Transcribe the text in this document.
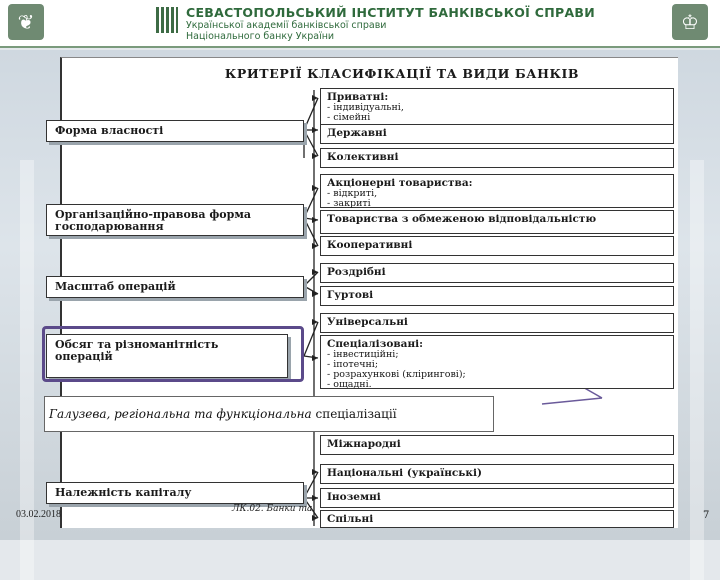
❦	СЕВАСТОПОЛЬСЬКИЙ ІНСТИТУТ БАНКІВСЬКОЇ СПРАВИ
Української академії банківської справи
Національного банку України
♔
КРИТЕРІЇ КЛАСИФІКАЦІЇ ТА ВИДИ БАНКІВ
Форма власності
Організаційно-правова форма господарювання
Масштаб операцій
Обсяг та різноманітність операцій
Належність капіталу
Приватні:
- індивідуальні,
- сімейні
Державні
Колективні
Акціонерні товариства:
- відкриті,
- закриті
Товариства з обмеженою відповідальністю
Кооперативні
Роздрібні
Гуртові
Універсальні
Спеціалізовані:
- інвестиційні;
- іпотечні;
- розрахункові (клірингові);
- ощадні.
Міжнародні
Національні (українські)
Іноземні
Спільні
Галузева, регіональна та функціональна спеціалізації
03.02.2018	ЛК.02. Банки та
7
